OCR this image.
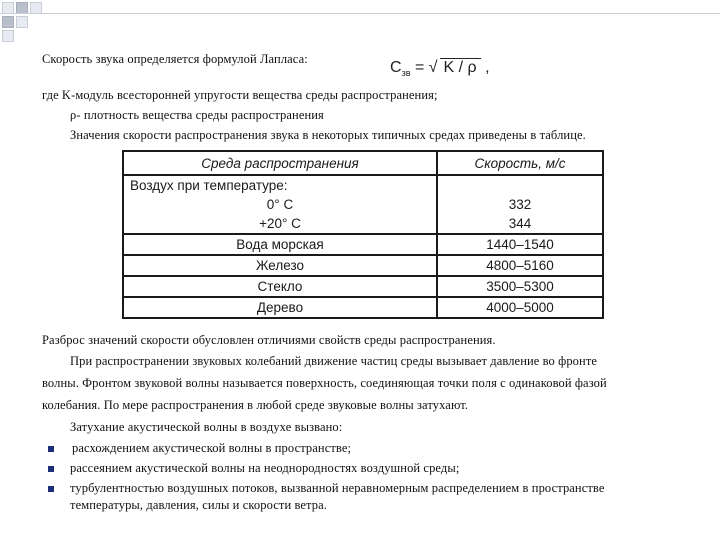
Скорость звука определяется формулой Лапласа:	$C_{зв}$ = √ K / ρ ,
где K-модуль всесторонней упругости вещества среды распространения;
ρ- плотность вещества среды распространения
Значения скорости распространения звука в некоторых типичных средах приведены в таблице.
Среда распространения	Скорость, м/с
Воздух при температуре:	
0° C	332
+20° C	344
Вода морская	1440–1540
Железо	4800–5160
Стекло	3500–5300
Дерево	4000–5000
Разброс значений скорости обусловлен отличиями свойств среды распространения.
При распространении звуковых колебаний движение частиц среды вызывает давление во фронте
волны. Фронтом звуковой волны называется поверхность, соединяющая точки поля с одинаковой фазой
колебания. По мере распространения в любой среде звуковые волны затухают.
Затухание акустической волны в воздухе вызвано:
расхождением акустической волны в пространстве;
рассеянием акустической волны на неоднородностях воздушной среды;
турбулентностью воздушных потоков, вызванной неравномерным распределением в пространстве
температуры, давления, силы и скорости ветра.
